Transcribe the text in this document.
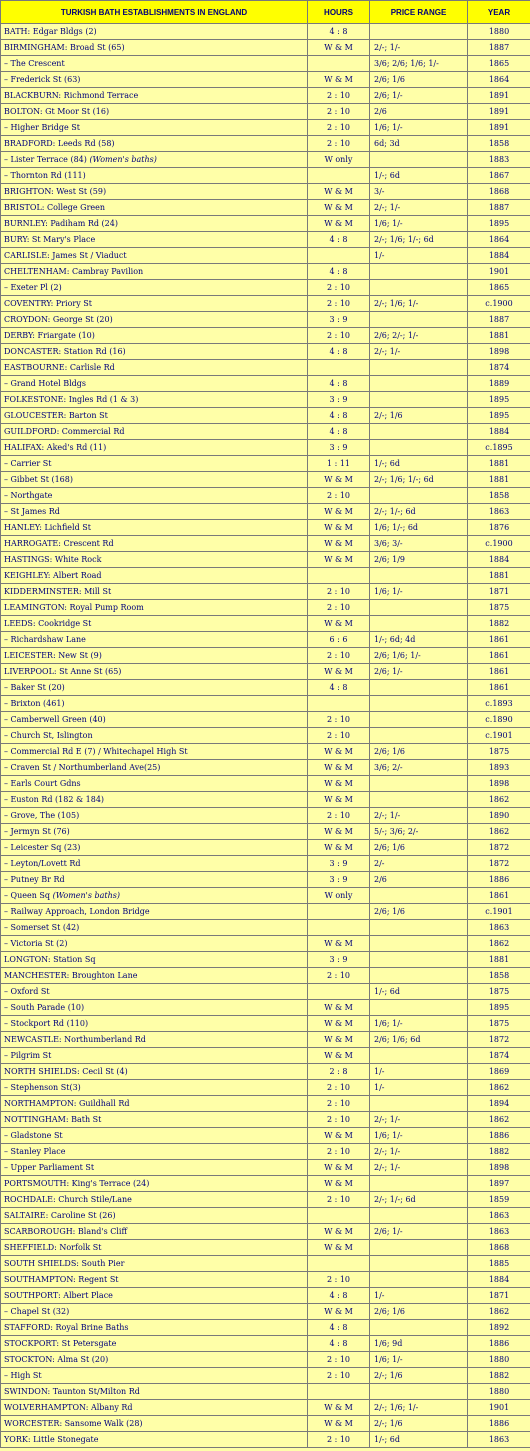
TURKISH BATH ESTABLISHMENTS IN ENGLAND	HOURS	PRICE RANGE	YEAR

BATH: Edgar Bldgs (2)	4 : 8		1880

BIRMINGHAM: Broad St (65)	W & M	2/-; 1/-	1887

– The Crescent		3/6; 2/6; 1/6; 1/-	1865

– Frederick St (63)	W & M	2/6; 1/6	1864

BLACKBURN: Richmond Terrace	2 : 10	2/6; 1/-	1891

BOLTON: Gt Moor St (16)	2 : 10	2/6	1891

– Higher Bridge St	2 : 10	1/6; 1/-	1891

BRADFORD: Leeds Rd (58)	2 : 10	6d; 3d	1858

– Lister Terrace (84) (Women's baths)	W only		1883

– Thornton Rd (111)		1/-; 6d	1867

BRIGHTON: West St (59)	W & M	3/-	1868

BRISTOL: College Green	W & M	2/-; 1/-	1887

BURNLEY: Padiham Rd (24)	W & M	1/6; 1/-	1895

BURY: St Mary's Place	4 : 8	2/-; 1/6; 1/-; 6d	1864

CARLISLE: James St / Viaduct		1/-	1884

CHELTENHAM: Cambray Pavilion	4 : 8		1901

– Exeter Pl (2)	2 : 10		1865

COVENTRY: Priory St	2 : 10	2/-; 1/6; 1/-	c.1900

CROYDON: George St (20)	3 : 9		1887

DERBY: Friargate (10)	2 : 10	2/6; 2/-; 1/-	1881

DONCASTER: Station Rd (16)	4 : 8	2/-; 1/-	1898

EASTBOURNE: Carlisle Rd			1874

– Grand Hotel Bldgs	4 : 8		1889

FOLKESTONE: Ingles Rd (1 & 3)	3 : 9		1895

GLOUCESTER: Barton St	4 : 8	2/-; 1/6	1895

GUILDFORD: Commercial Rd	4 : 8		1884

HALIFAX: Aked's Rd (11)	3 : 9		c.1895

– Carrier St	1 : 11	1/-; 6d	1881

– Gibbet St (168)	W & M	2/-; 1/6; 1/-; 6d	1881

– Northgate	2 : 10		1858

– St James Rd	W & M	2/-; 1/-; 6d	1863

HANLEY: Lichfield St	W & M	1/6; 1/-; 6d	1876

HARROGATE: Crescent Rd	W & M	3/6; 3/-	c.1900

HASTINGS: White Rock	W & M	2/6; 1/9	1884

KEIGHLEY: Albert Road			1881

KIDDERMINSTER: Mill St	2 : 10	1/6; 1/-	1871

LEAMINGTON: Royal Pump Room	2 : 10		1875

LEEDS: Cookridge St	W & M		1882

– Richardshaw Lane	6 : 6	1/-; 6d; 4d	1861

LEICESTER: New St (9)	2 : 10	2/6; 1/6; 1/-	1861

LIVERPOOL: St Anne St (65)	W & M	2/6; 1/-	1861

– Baker St (20)	4 : 8		1861

– Brixton (461)			c.1893

– Camberwell Green (40)	2 : 10		c.1890

– Church St, Islington	2 : 10		c.1901

– Commercial Rd E (7) / Whitechapel High St	W & M	2/6; 1/6	1875

– Craven St / Northumberland Ave(25)	W & M	3/6; 2/-	1893

– Earls Court Gdns	W & M		1898

– Euston Rd (182 & 184)	W & M		1862

– Grove, The (105)	2 : 10	2/-; 1/-	1890

– Jermyn St (76)	W & M	5/-; 3/6; 2/-	1862

– Leicester Sq (23)	W & M	2/6; 1/6	1872

– Leyton/Lovett Rd	3 : 9	2/-	1872

– Putney Br Rd	3 : 9	2/6	1886

– Queen Sq (Women's baths)	W only		1861

– Railway Approach, London Bridge		2/6; 1/6	c.1901

– Somerset St (42)			1863

– Victoria St (2)	W & M		1862

LONGTON: Station Sq	3 : 9		1881

MANCHESTER: Broughton Lane	2 : 10		1858

– Oxford St		1/-; 6d	1875

– South Parade (10)	W & M		1895

– Stockport Rd (110)	W & M	1/6; 1/-	1875

NEWCASTLE: Northumberland Rd	W & M	2/6; 1/6; 6d	1872

– Pilgrim St	W & M		1874

NORTH SHIELDS: Cecil St (4)	2 : 8	1/-	1869

– Stephenson St(3)	2 : 10	1/-	1862

NORTHAMPTON: Guildhall Rd	2 : 10		1894

NOTTINGHAM: Bath St	2 : 10	2/-; 1/-	1862

– Gladstone St	W & M	1/6; 1/-	1886

– Stanley Place	2 : 10	2/-; 1/-	1882

– Upper Parliament St	W & M	2/-; 1/-	1898

PORTSMOUTH: King's Terrace (24)	W & M		1897

ROCHDALE: Church Stile/Lane	2 : 10	2/-; 1/-; 6d	1859

SALTAIRE: Caroline St (26)			1863

SCARBOROUGH: Bland's Cliff	W & M	2/6; 1/-	1863

SHEFFIELD: Norfolk St	W & M		1868

SOUTH SHIELDS: South Pier			1885

SOUTHAMPTON: Regent St	2 : 10		1884

SOUTHPORT: Albert Place	4 : 8	1/-	1871

– Chapel St (32)	W & M	2/6; 1/6	1862

STAFFORD: Royal Brine Baths	4 : 8		1892

STOCKPORT: St Petersgate	4 : 8	1/6; 9d	1886

STOCKTON: Alma St (20)	2 : 10	1/6; 1/-	1880

– High St	2 : 10	2/-; 1/6	1882

SWINDON: Taunton St/Milton Rd			1880

WOLVERHAMPTON: Albany Rd	W & M	2/-; 1/6; 1/-	1901

WORCESTER: Sansome Walk (28)	W & M	2/-; 1/6	1886

YORK: Little Stonegate	2 : 10	1/-; 6d	1863
